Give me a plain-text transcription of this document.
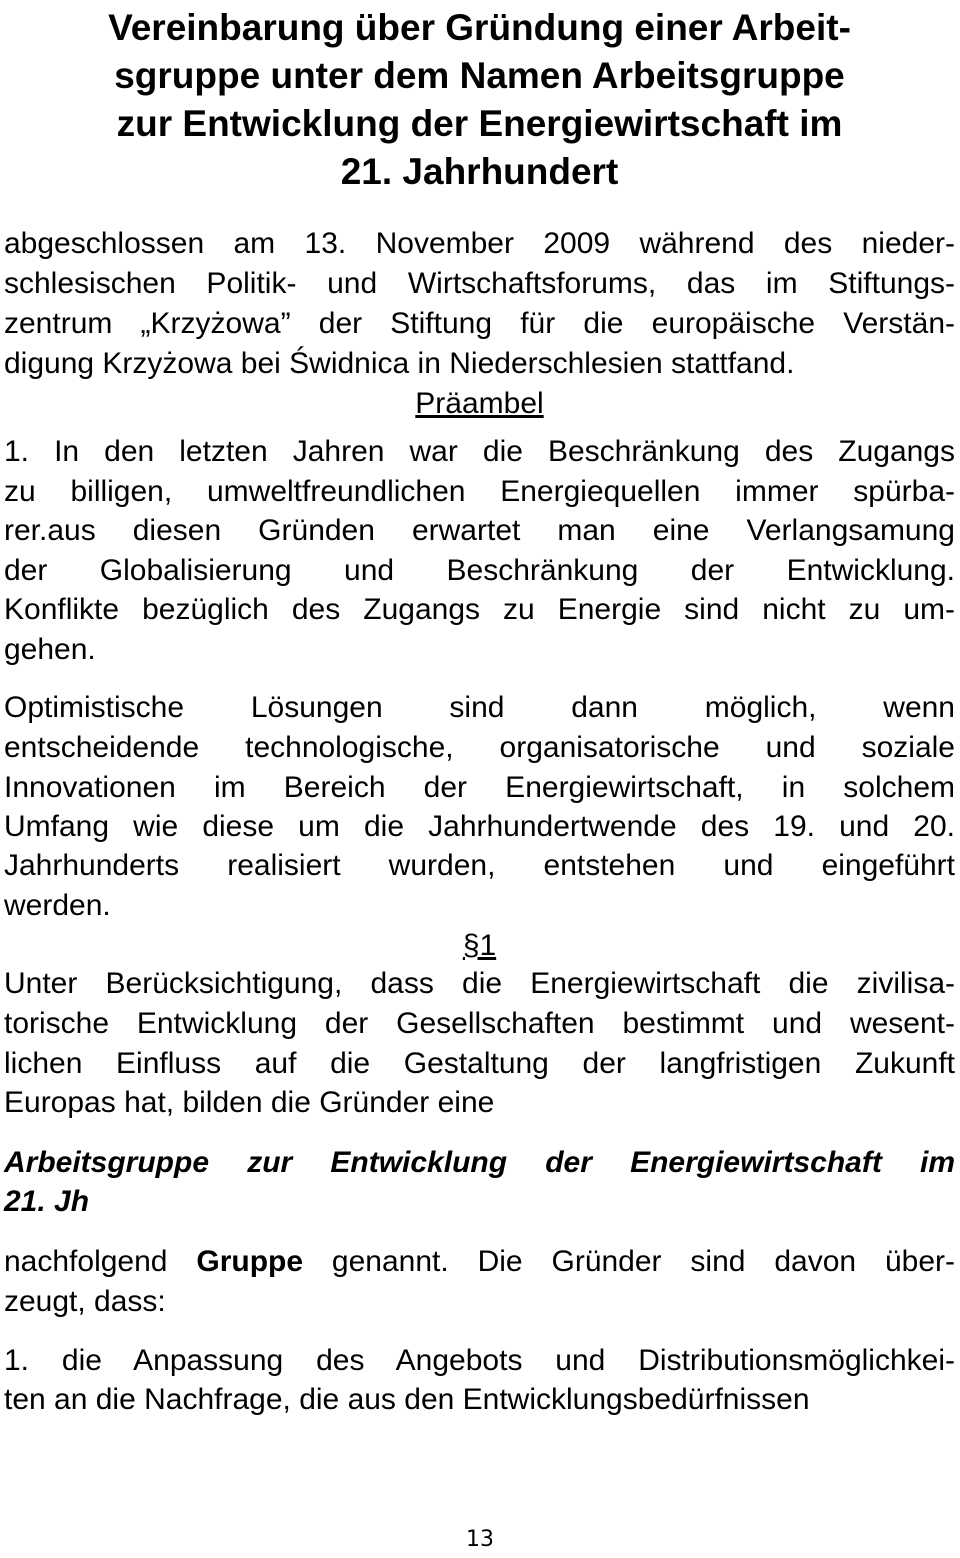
Vereinbarung über Gründung einer Arbeit-
sgruppe unter dem Namen Arbeitsgruppe
zur Entwicklung der Energiewirtschaft im
21. Jahrhundert
abgeschlossen am 13. November 2009 während des nieder-
schlesischen Politik- und Wirtschaftsforums, das im Stiftungs-
zentrum „Krzyżowa” der Stiftung für die europäische Verstän-
digung Krzyżowa bei Świdnica in Niederschlesien stattfand.
Präambel
1. In den letzten Jahren war die Beschränkung des Zugangs
zu billigen, umweltfreundlichen Energiequellen immer spürba-
rer.aus diesen Gründen erwartet man eine Verlangsamung
der Globalisierung und Beschränkung der Entwicklung.
Konflikte bezüglich des Zugangs zu Energie sind nicht zu um-
gehen.
Optimistische Lösungen sind dann möglich, wenn
entscheidende technologische, organisatorische und soziale
Innovationen im Bereich der Energiewirtschaft, in solchem
Umfang wie diese um die Jahrhundertwende des 19. und 20.
Jahrhunderts realisiert wurden, entstehen und eingeführt
werden.
§1
Unter Berücksichtigung, dass die Energiewirtschaft die zivilisa-
torische Entwicklung der Gesellschaften bestimmt und wesent-
lichen Einfluss auf die Gestaltung der langfristigen Zukunft
Europas hat, bilden die Gründer eine
Arbeitsgruppe zur Entwicklung der Energiewirtschaft im
21. Jh
nachfolgend Gruppe genannt. Die Gründer sind davon über-
zeugt, dass:
1. die Anpassung des Angebots und Distributionsmöglichkei-
ten an die Nachfrage, die aus den Entwicklungsbedürfnissen
13
